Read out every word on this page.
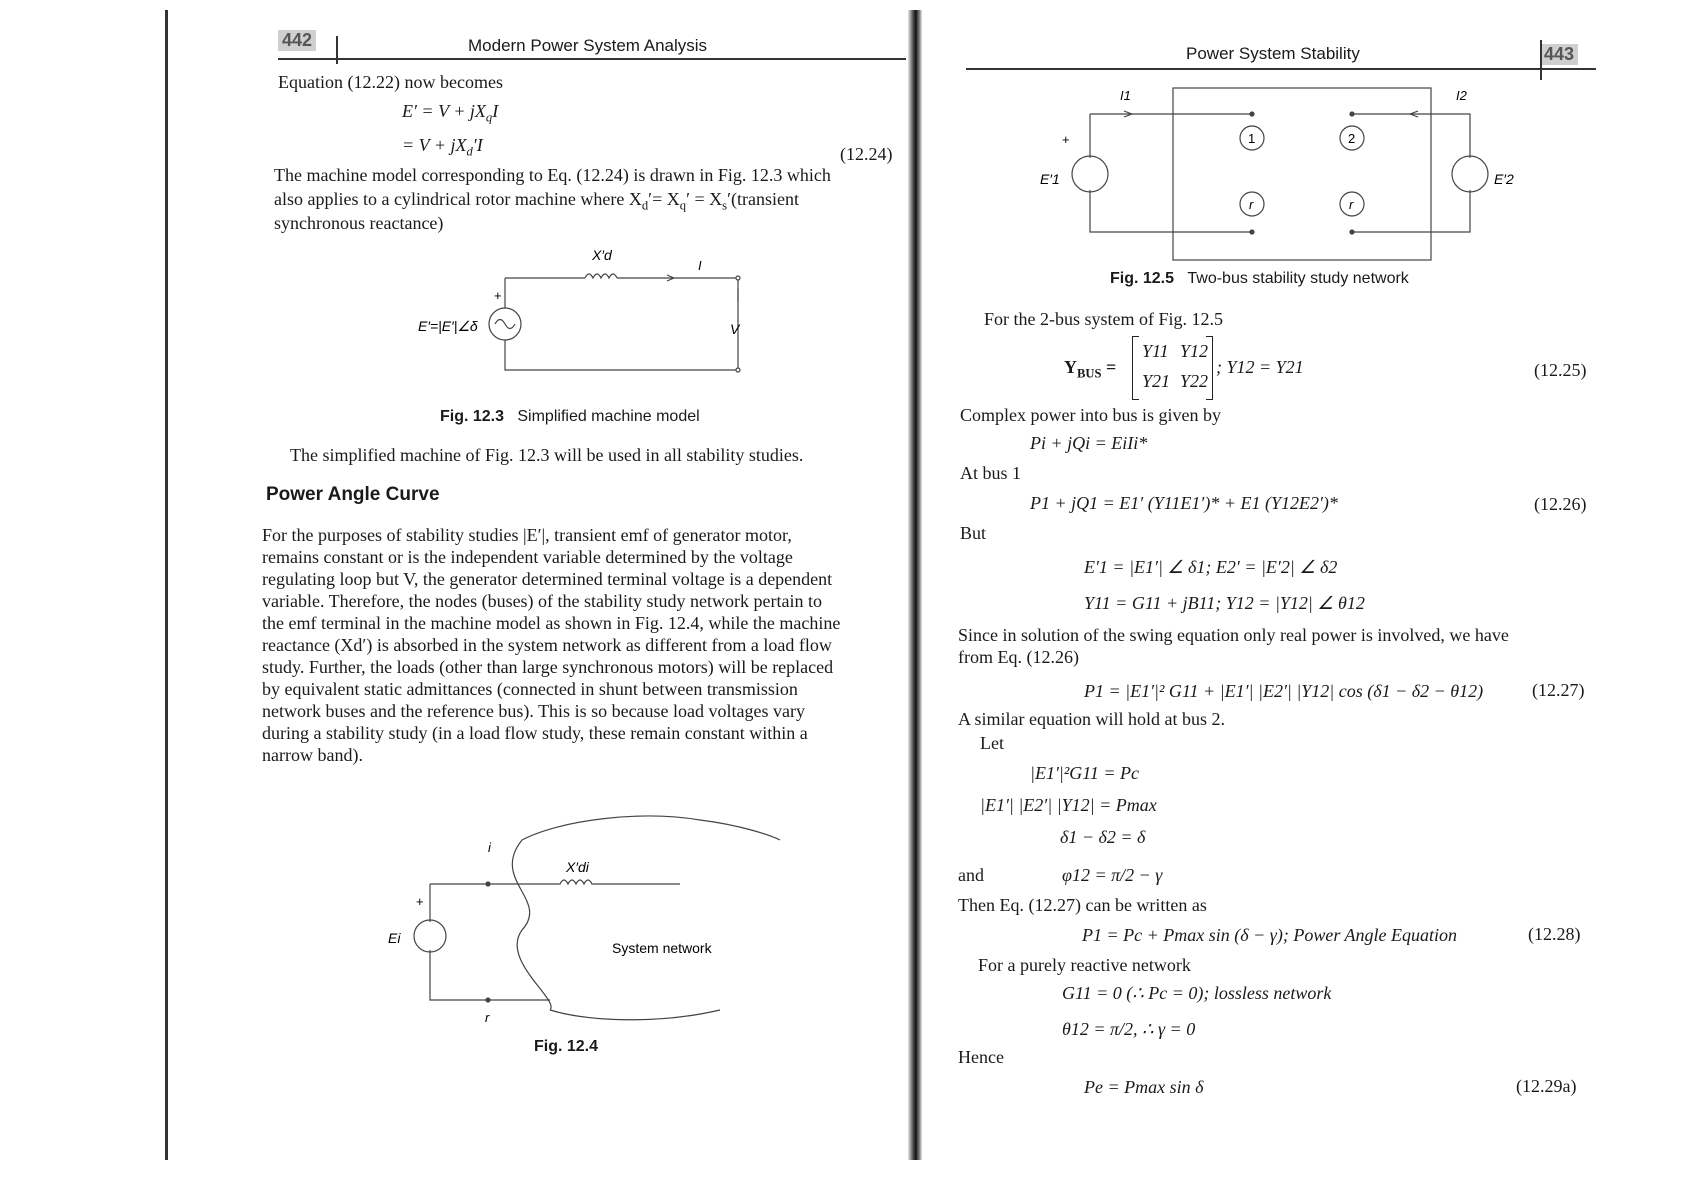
442	Modern Power System Analysis
Equation (12.22) now becomes
$E' = V + jX_qI$
= $V + jX_d'I$	(12.24)
The machine model corresponding to Eq. (12.24) is drawn in Fig. 12.3 which
also applies to a cylindrical rotor machine where $X_d'= X_q'$ = $X_s'(transient$
synchronous reactance)
X′d
I
+
E′=|E′|∠δ	V
Fig. 12.3 Simplified machine model
The simplified machine of Fig. 12.3 will be used in all stability studies.
Power Angle Curve
For the purposes of stability studies |E′|, transient emf of generator motor,
remains constant or is the independent variable determined by the voltage
regulating loop but V, the generator determined terminal voltage is a dependent
variable. Therefore, the nodes (buses) of the stability study network pertain to
the emf terminal in the machine model as shown in Fig. 12.4, while the machine
reactance (Xd′) is absorbed in the system network as different from a load flow
study. Further, the loads (other than large synchronous motors) will be replaced
by equivalent static admittances (connected in shunt between transmission
network buses and the reference bus). This is so because load voltages vary
during a stability study (in a load flow study, these remain constant within a
narrow band).
i
X′di
+
Ei
System network
r
Fig. 12.4
443
Power System Stability
I1	I2
+
E′1	E′2
1	2
r	r
Fig. 12.5 Two-bus stability study network
For the 2-bus system of Fig. 12.5
$Y_{BUS}$ =
Y11 Y12
Y21 Y22
; Y12 = Y21	(12.25)
Complex power into bus is given by
Pi + jQi = EiIi*
At bus 1
P1 + jQ1 = E1′ (Y11E1′)* + E1 (Y12E2′)*	(12.26)
But
E′1 = |E1′| ∠ δ1; E2′ = |E′2| ∠ δ2
Y11 = G11 + jB11; Y12 = |Y12| ∠ θ12
Since in solution of the swing equation only real power is involved, we have
from Eq. (12.26)
P1 = |E1′|² G11 + |E1′| |E2′| |Y12| cos (δ1 − δ2 − θ12)	(12.27)
A similar equation will hold at bus 2.
Let
|E1′|²G11 = Pc
|E1′| |E2′| |Y12| = Pmax
δ1 − δ2 = δ
and	φ12 = π/2 − γ
Then Eq. (12.27) can be written as
P1 = Pc + Pmax sin (δ − γ); Power Angle Equation	(12.28)
For a purely reactive network
G11 = 0 (∴ Pc = 0); lossless network
θ12 = π/2, ∴ γ = 0
Hence
Pe = Pmax sin δ	(12.29a)
